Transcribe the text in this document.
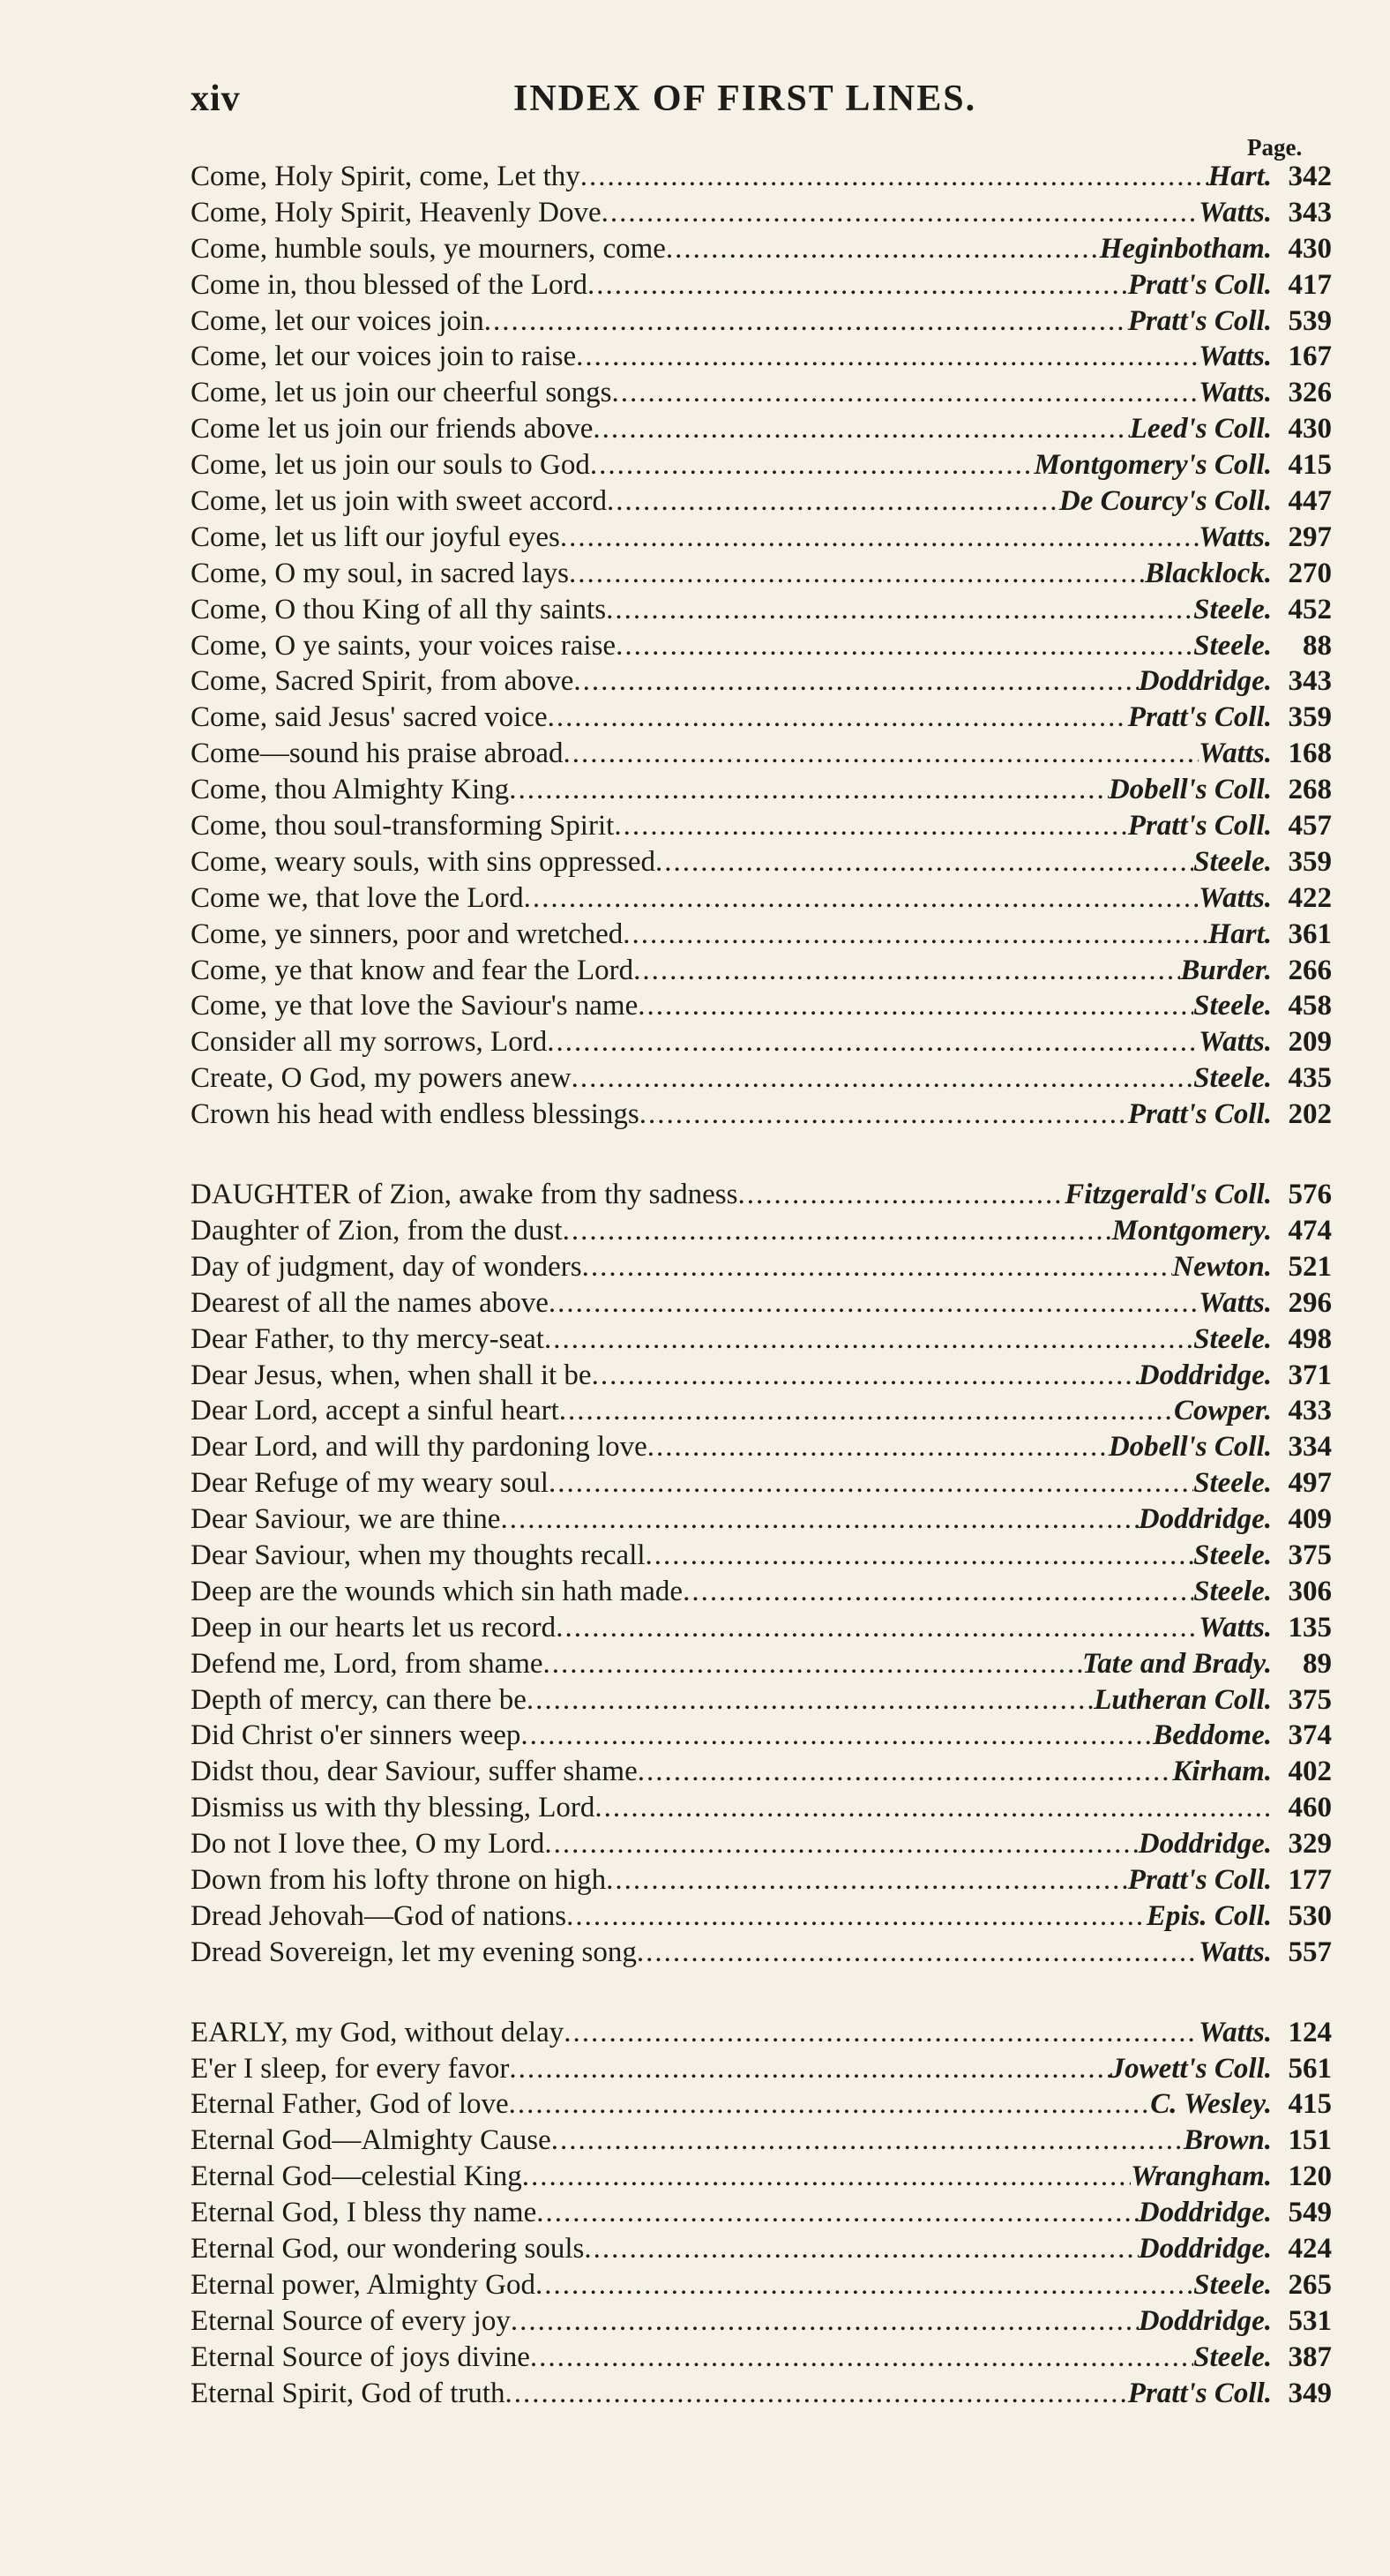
xiv	INDEX OF FIRST LINES.
Page.
Come, Holy Spirit, come, Let thy .....	Hart. 342
Come, Holy Spirit, Heavenly Dove .....	Watts. 343
Come, humble souls, ye mourners, come .....	Heginbotham. 430
Come in, thou blessed of the Lord .....	Pratt's Coll. 417
Come, let our voices join .....	Pratt's Coll. 539
Come, let our voices join to raise .....	Watts. 167
Come, let us join our cheerful songs .....	Watts. 326
Come let us join our friends above .....	Leed's Coll. 430
Come, let us join our souls to God .....	Montgomery's Coll. 415
Come, let us join with sweet accord .....	De Courcy's Coll. 447
Come, let us lift our joyful eyes .....	Watts. 297
Come, O my soul, in sacred lays .....	Blacklock. 270
Come, O thou King of all thy saints .....	Steele. 452
Come, O ye saints, your voices raise .....	Steele.	88
Come, Sacred Spirit, from above .....	Doddridge. 343
Come, said Jesus' sacred voice .....	Pratt's Coll. 359
Come—sound his praise abroad .....	Watts. 168
Come, thou Almighty King .....	Dobell's Coll. 268
Come, thou soul-transforming Spirit .....	Pratt's Coll. 457
Come, weary souls, with sins oppressed .....	Steele. 359
Come we, that love the Lord .....	Watts. 422
Come, ye sinners, poor and wretched .....	Hart. 361
Come, ye that know and fear the Lord .....	Burder. 266
Come, ye that love the Saviour's name .....	Steele. 458
Consider all my sorrows, Lord .....	Watts. 209
Create, O God, my powers anew .....	Steele. 435
Crown his head with endless blessings .....	Pratt's Coll. 202
DAUGHTER of Zion, awake from thy sadness .....	Fitzgerald's Coll. 576
Daughter of Zion, from the dust .....	Montgomery. 474
Day of judgment, day of wonders .....	Newton. 521
Dearest of all the names above .....	Watts. 296
Dear Father, to thy mercy-seat .....	Steele. 498
Dear Jesus, when, when shall it be .....	Doddridge. 371
Dear Lord, accept a sinful heart .....	Cowper. 433
Dear Lord, and will thy pardoning love .....	Dobell's Coll. 334
Dear Refuge of my weary soul .....	Steele. 497
Dear Saviour, we are thine .....	Doddridge. 409
Dear Saviour, when my thoughts recall .....	Steele. 375
Deep are the wounds which sin hath made .....	Steele. 306
Deep in our hearts let us record .....	Watts. 135
Defend me, Lord, from shame .....	Tate and Brady.	89
Depth of mercy, can there be .....	Lutheran Coll. 375
Did Christ o'er sinners weep .....	Beddome. 374
Didst thou, dear Saviour, suffer shame .....	Kirham. 402
Dismiss us with thy blessing, Lord .....	460
Do not I love thee, O my Lord .....	Doddridge. 329
Down from his lofty throne on high .....	Pratt's Coll. 177
Dread Jehovah—God of nations .....	Epis. Coll. 530
Dread Sovereign, let my evening song .....	Watts. 557
EARLY, my God, without delay .....	Watts. 124
E'er I sleep, for every favor .....	Jowett's Coll. 561
Eternal Father, God of love .....	C. Wesley. 415
Eternal God—Almighty Cause .....	Brown. 151
Eternal God—celestial King .....	Wrangham. 120
Eternal God, I bless thy name .....	Doddridge. 549
Eternal God, our wondering souls .....	Doddridge. 424
Eternal power, Almighty God .....	Steele. 265
Eternal Source of every joy .....	Doddridge. 531
Eternal Source of joys divine .....	Steele. 387
Eternal Spirit, God of truth .....	Pratt's Coll. 349
